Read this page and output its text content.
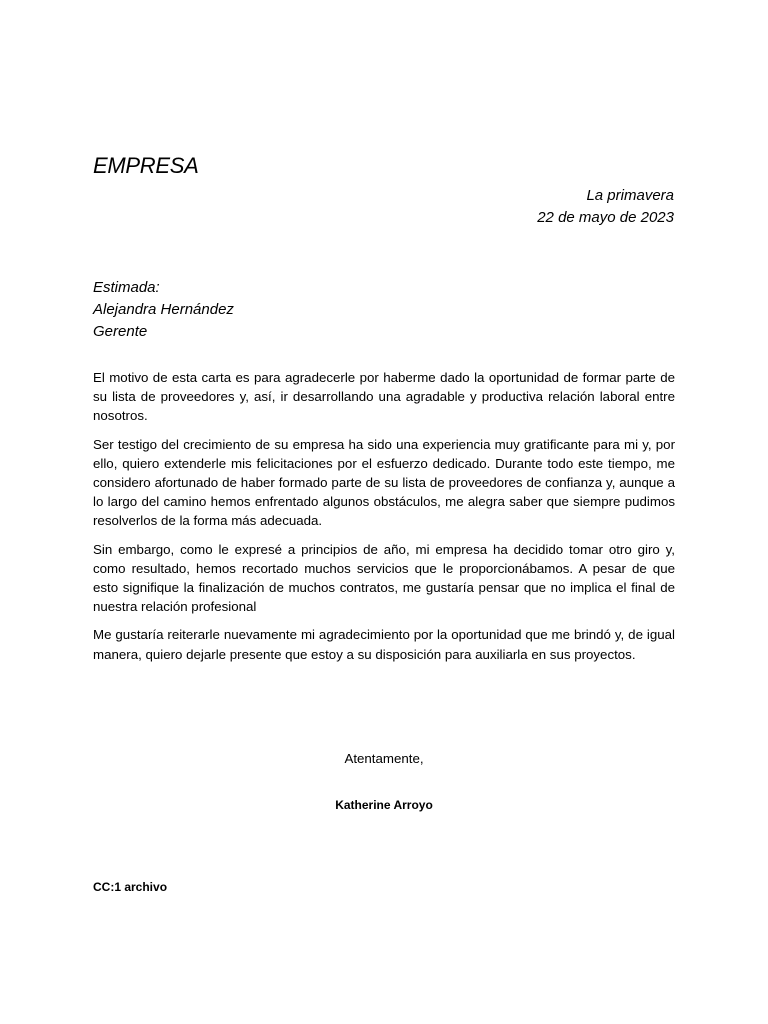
EMPRESA
La primavera
22 de mayo de 2023
Estimada:
Alejandra Hernández
Gerente

El motivo de esta carta es para agradecerle por haberme dado la oportunidad de formar parte de su lista de proveedores y, así, ir desarrollando una agradable y productiva relación laboral entre nosotros.

Ser testigo del crecimiento de su empresa ha sido una experiencia muy gratificante para mi y, por ello, quiero extenderle mis felicitaciones por el esfuerzo dedicado. Durante todo este tiempo, me considero afortunado de haber formado parte de su lista de proveedores de confianza y, aunque a lo largo del camino hemos enfrentado algunos obstáculos, me alegra saber que siempre pudimos resolverlos de la forma más adecuada.

Sin embargo, como le expresé a principios de año, mi empresa ha decidido tomar otro giro y, como resultado, hemos recortado muchos servicios que le proporcionábamos. A pesar de que esto signifique la finalización de muchos contratos, me gustaría pensar que no implica el final de nuestra relación profesional

Me gustaría reiterarle nuevamente mi agradecimiento por la oportunidad que me brindó y, de igual manera, quiero dejarle presente que estoy a su disposición para auxiliarla en sus proyectos.

Atentamente,
Katherine Arroyo
CC:1 archivo
